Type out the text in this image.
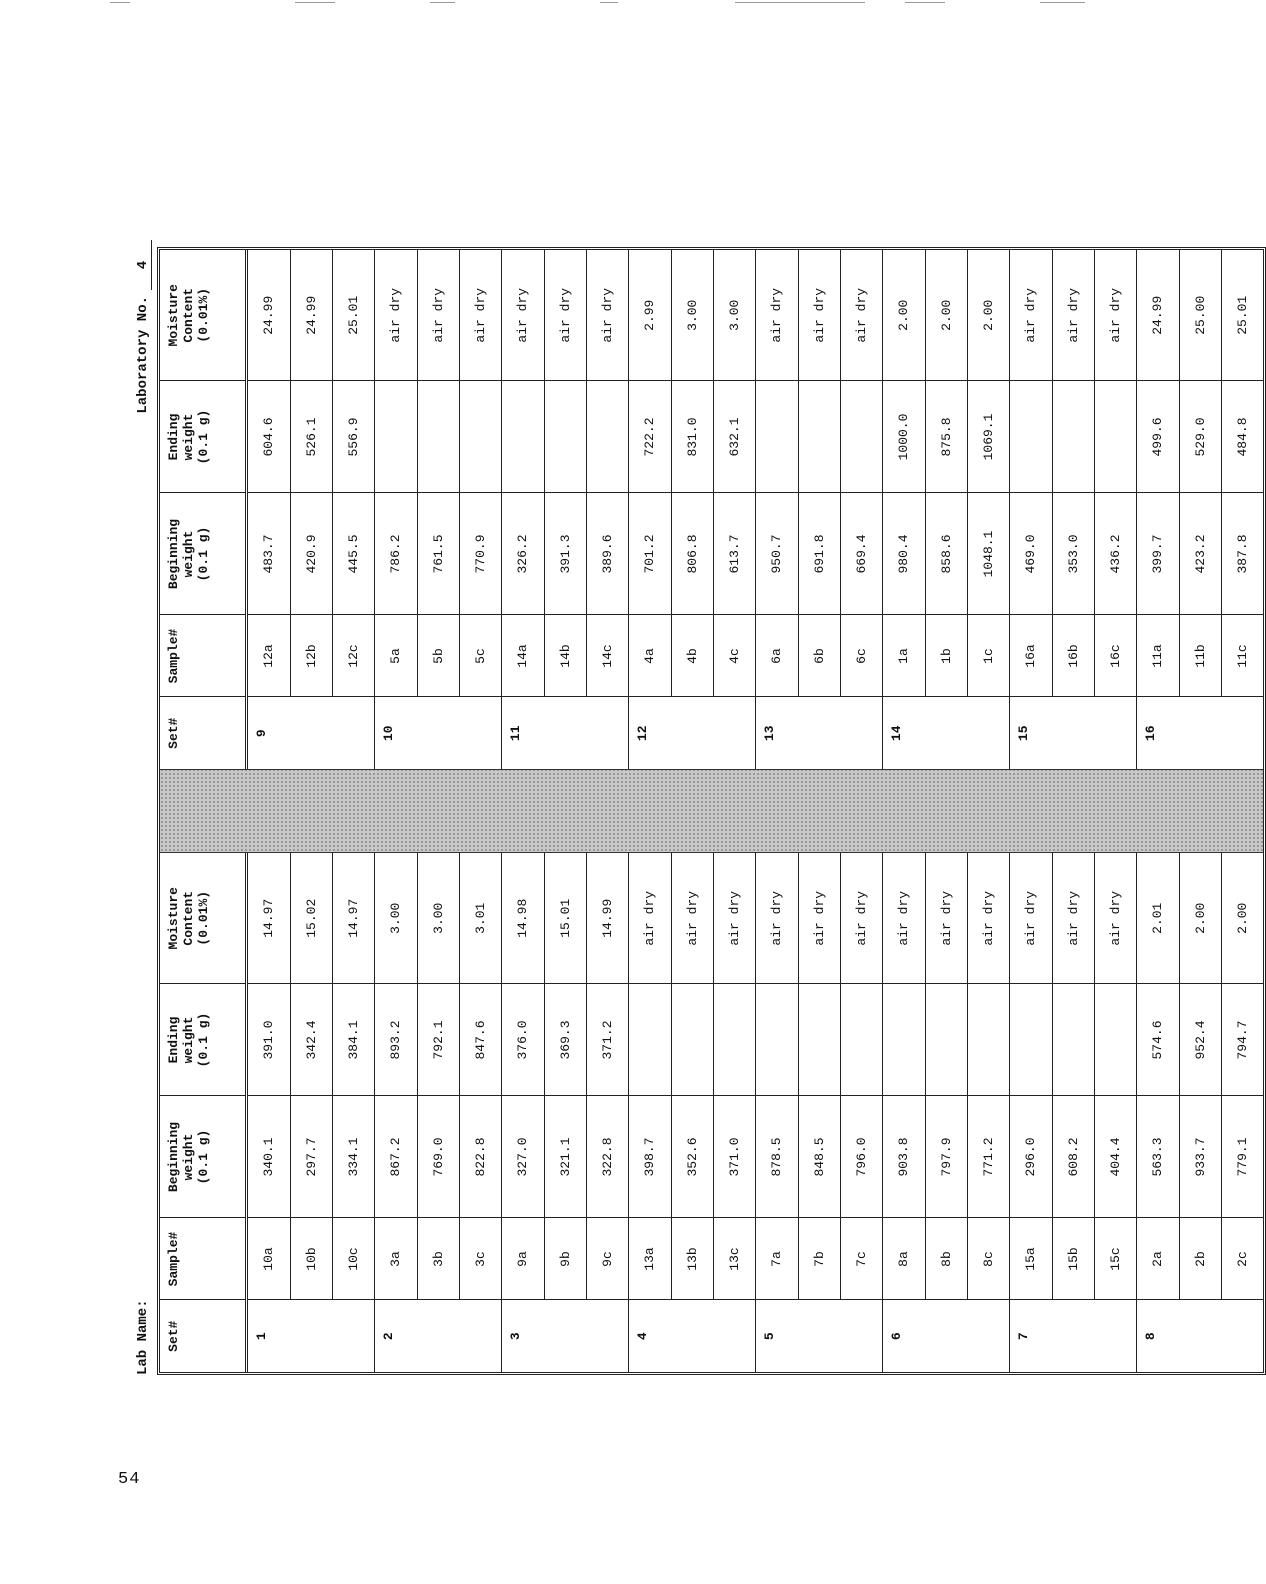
Lab Name:
Laboratory No.4
Set#	Sample#	Beginning weight (0.1 g)	Ending weight (0.1 g)	Moisture Content (0.01%)

1	10a	340.1	391.0	14.97
	10b	297.7	342.4	15.02
	10c	334.1	384.1	14.97
2	3a	867.2	893.2	3.00
	3b	769.0	792.1	3.00
	3c	822.8	847.6	3.01
3	9a	327.0	376.0	14.98
	9b	321.1	369.3	15.01
	9c	322.8	371.2	14.99
4	13a	398.7		air dry
	13b	352.6		air dry
	13c	371.0		air dry
5	7a	878.5		air dry
	7b	848.5		air dry
	7c	796.0		air dry
6	8a	903.8		air dry
	8b	797.9		air dry
	8c	771.2		air dry
7	15a	296.0		air dry
	15b	608.2		air dry
	15c	404.4		air dry
8	2a	563.3	574.6	2.01
	2b	933.7	952.4	2.00
	2c	779.1	794.7	2.00
Set#	Sample#	Beginning weight (0.1 g)	Ending weight (0.1 g)	Moisture Content (0.01%)

9	12a	483.7	604.6	24.99
	12b	420.9	526.1	24.99
	12c	445.5	556.9	25.01
10	5a	786.2		air dry
	5b	761.5		air dry
	5c	770.9		air dry
11	14a	326.2		air dry
	14b	391.3		air dry
	14c	389.6		air dry
12	4a	701.2	722.2	2.99
	4b	806.8	831.0	3.00
	4c	613.7	632.1	3.00
13	6a	950.7		air dry
	6b	691.8		air dry
	6c	669.4		air dry
14	1a	980.4	1000.0	2.00
	1b	858.6	875.8	2.00
	1c	1048.1	1069.1	2.00
15	16a	469.0		air dry
	16b	353.0		air dry
	16c	436.2		air dry
16	11a	399.7	499.6	24.99
	11b	423.2	529.0	25.00
	11c	387.8	484.8	25.01
54
